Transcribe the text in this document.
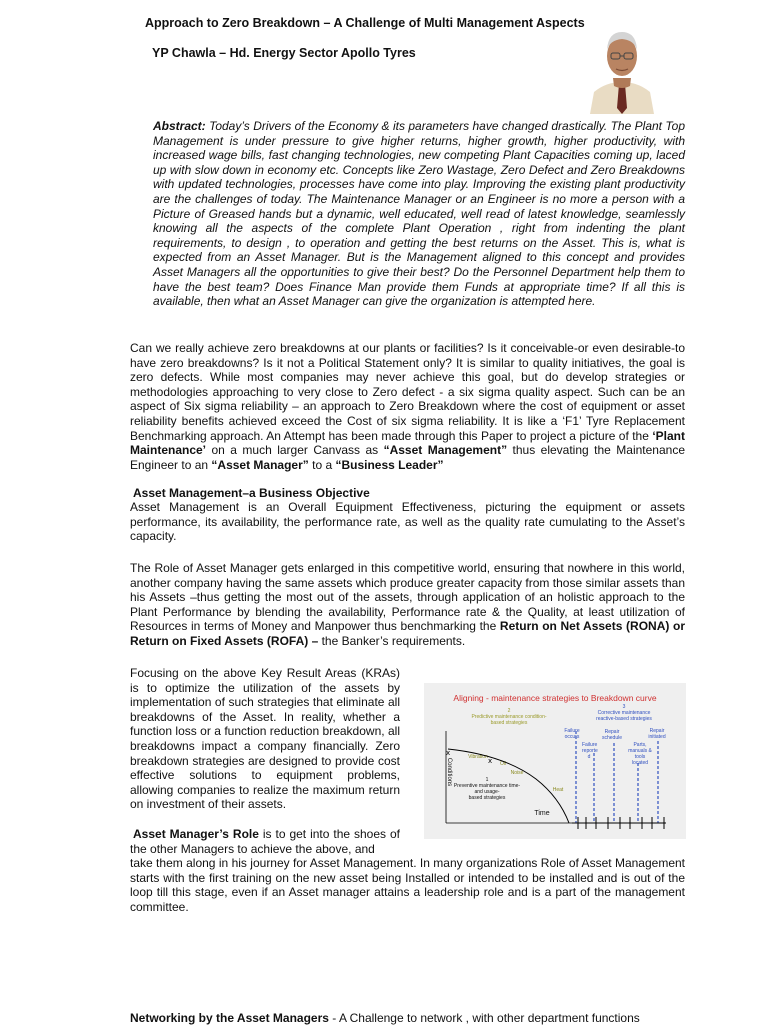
Approach to Zero Breakdown – A Challenge of Multi Management Aspects
YP Chawla – Hd. Energy Sector Apollo Tyres
Abstract: Today’s Drivers of the Economy & its parameters have changed drastically. The Plant Top Management is under pressure to give higher returns, higher growth, higher productivity, with increased wage bills, fast changing technologies, new competing Plant Capacities coming up, laced up with slow down in economy etc. Concepts like Zero Wastage, Zero Defect and Zero Breakdowns with updated technologies, processes have come into play. Improving the existing plant productivity are the challenges of today. The Maintenance Manager or an Engineer is no more a person with a Picture of Greased hands but a dynamic, well educated, well read of latest knowledge, seamlessly knowing all the aspects of the complete Plant Operation , right from indenting the plant requirements, to design , to operation and getting the best returns on the Asset. This is, what is expected from an Asset Manager. But is the Management aligned to this concept and provides Asset Managers all the opportunities to give their best? Do the Personnel Department help them to have the best team? Does Finance Man provide them Funds at appropriate time? If all this is available, then what an Asset Manager can give the organization is attempted here.
Can we really achieve zero breakdowns at our plants or facilities? Is it conceivable-or even desirable-to have zero breakdowns? Is it not a Political Statement only? It is similar to quality initiatives, the goal is zero defects. While most companies may never achieve this goal, but do develop strategies or methodologies approaching to very close to Zero defect - a six sigma quality aspect. Such can be an aspect of Six sigma reliability – an approach to Zero Breakdown where the cost of equipment or asset reliability benefits achieved exceed the Cost of six sigma reliability. It is like a ‘F1’ Tyre Replacement Benchmarking approach. An Attempt has been made through this Paper to project a picture of the ‘Plant Maintenance’ on a much larger Canvass as “Asset Management” thus elevating the Maintenance Engineer to an “Asset Manager” to a “Business Leader”
Asset Management–a Business Objective
Asset Management is an Overall Equipment Effectiveness, picturing the equipment or assets performance, its availability, the performance rate, as well as the quality rate cumulating to the Asset’s capacity.
The Role of Asset Manager gets enlarged in this competitive world, ensuring that nowhere in this world, another company having the same assets which produce greater capacity from those similar assets than his Assets –thus getting the most out of the assets, through application of an holistic approach to the Plant Performance by blending the availability, Performance rate & the Quality, at least utilization of Resources in terms of Money and Manpower thus benchmarking the Return on Net Assets (RONA) or Return on Fixed Assets (ROFA) – the Banker’s requirements.
Focusing on the above Key Result Areas (KRAs) is to optimize the utilization of the assets by implementation of such strategies that eliminate all breakdowns of the Asset. In reality, whether a function loss or a function reduction breakdown, all breakdowns impact a company financially. Zero breakdown strategies are designed to provide cost effective solutions to equipment problems, allowing companies to realize the maximum return on investment of their assets.
Asset Manager’s Role is to get into the shoes of the other Managers to achieve the above, and
take them along in his journey for Asset Management. In many organizations Role of Asset Management starts with the first training on the new asset being Installed or intended to be installed and is out of the loop till this stage, even if an Asset manager attains a leadership role and is a part of the management committee.
Networking by the Asset Managers - A Challenge to network , with other department functions
Aligning - maintenance strategies to Breakdown curve
2
Predictive maintenance condition-
based strategies
3
Corrective maintenance
reactive-based strategies
1
Preventive maintenance time-
and usage-
based strategies
Conditions
Time
Vibration
Oil
Noise
Heat
Failure occurs
Failure reporte d
Repair schedule
Parts, manuals & tools located
Repair initiated
x
x
